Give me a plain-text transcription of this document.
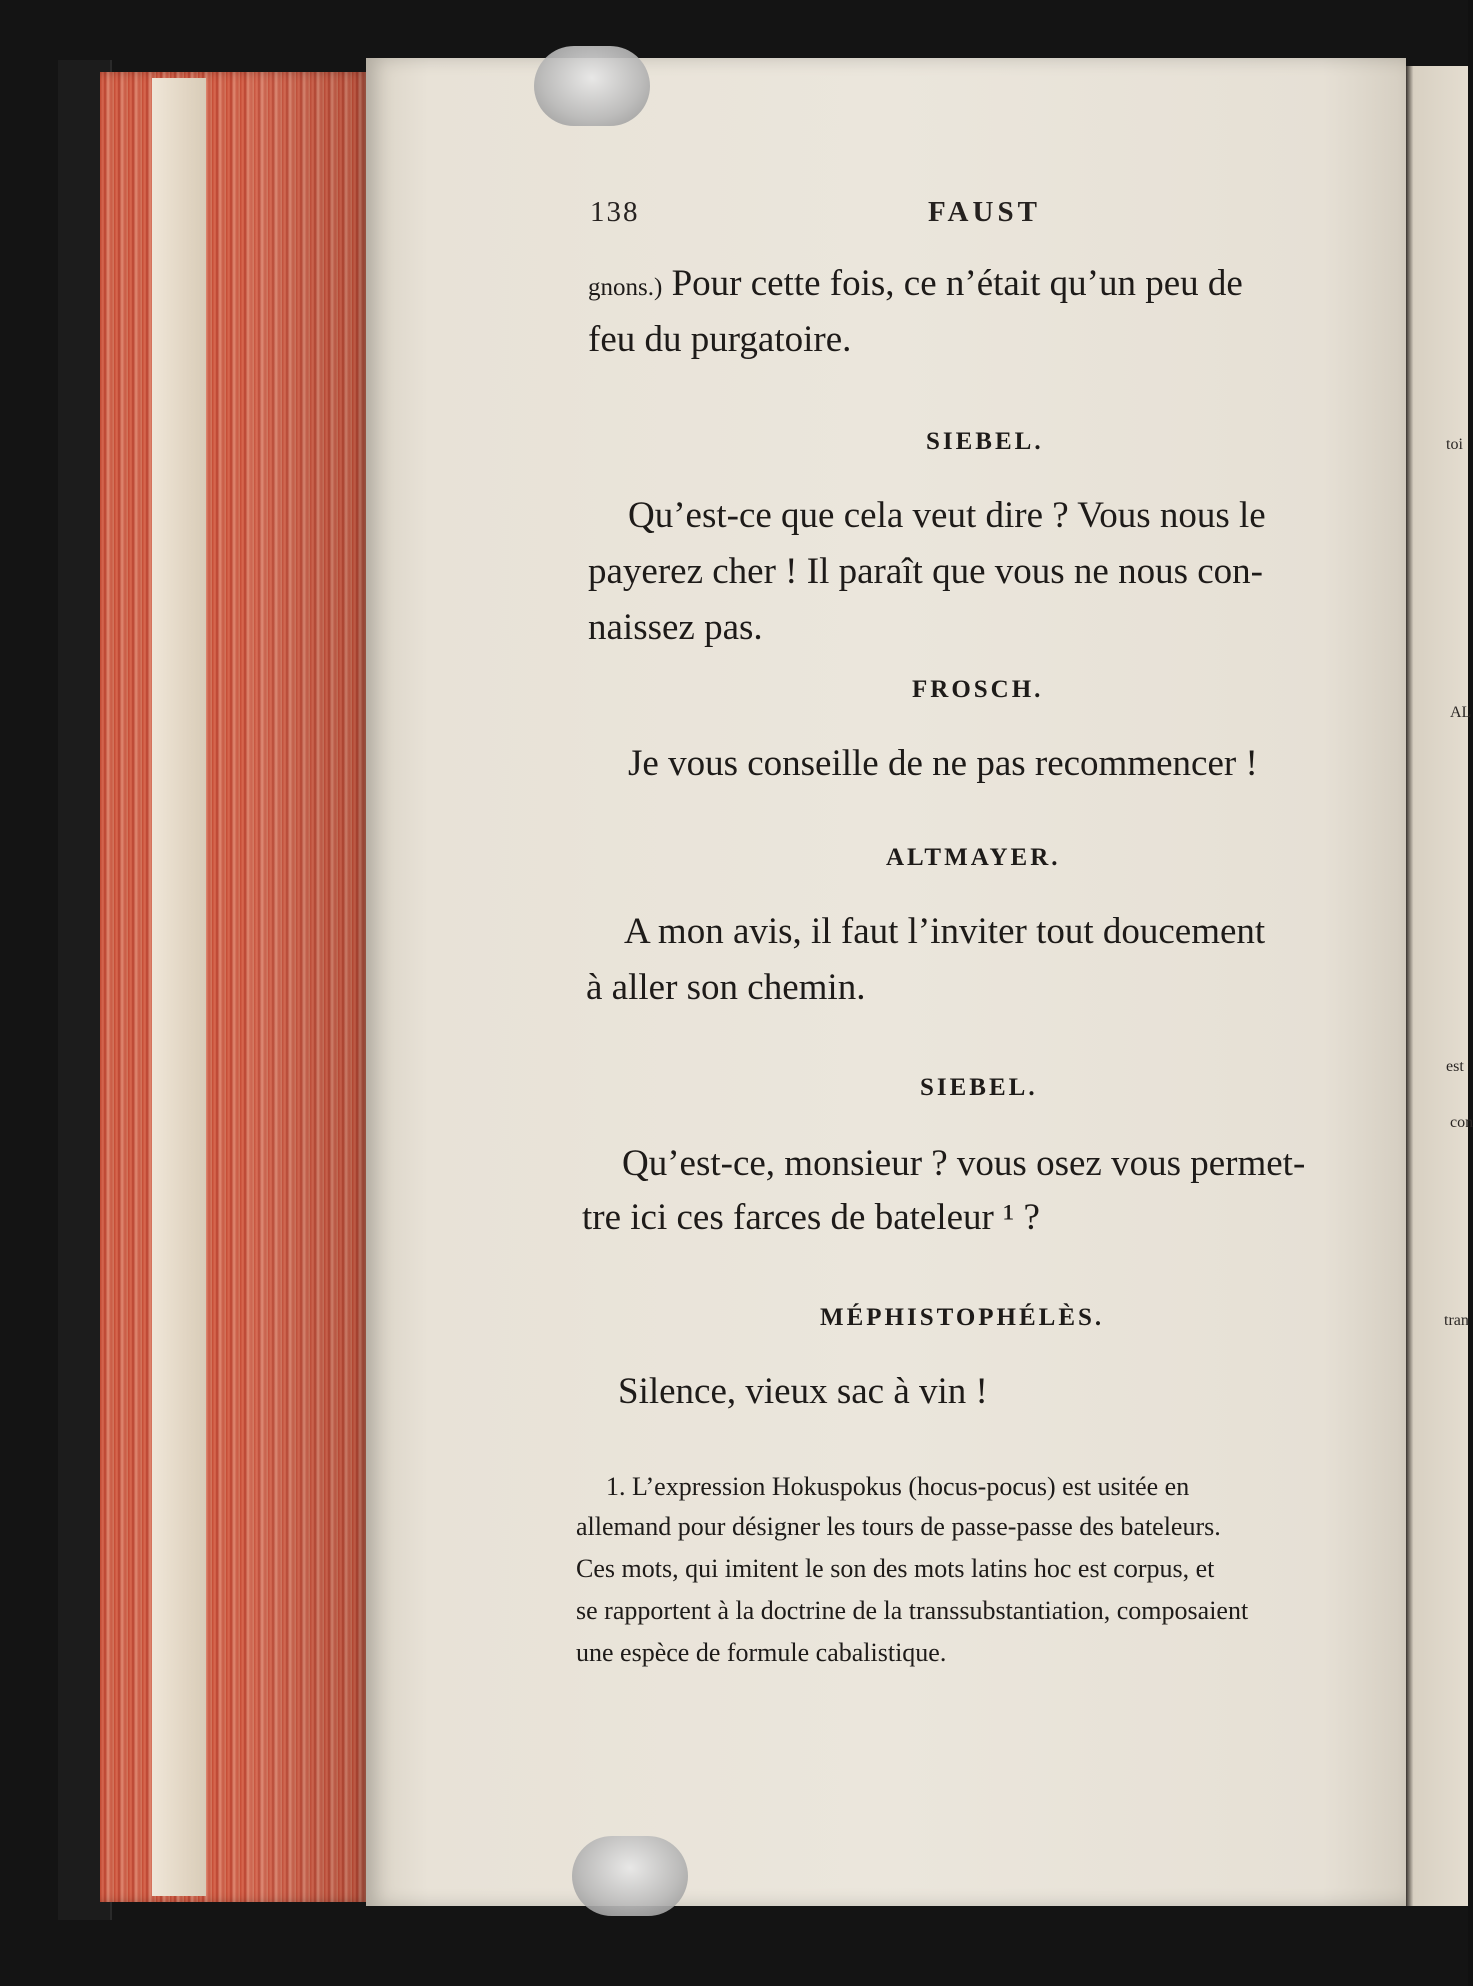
toi
AL
est
con
tran
138	FAUST
gnons.) Pour cette fois, ce n’était qu’un peu de
feu du purgatoire.
SIEBEL.
Qu’est-ce que cela veut dire ? Vous nous le
payerez cher ! Il paraît que vous ne nous con-
naissez pas.
FROSCH.
Je vous conseille de ne pas recommencer !
ALTMAYER.
A mon avis, il faut l’inviter tout doucement
à aller son chemin.
SIEBEL.
Qu’est-ce, monsieur ? vous osez vous permet-
tre ici ces farces de bateleur ¹ ?
MÉPHISTOPHÉLÈS.
Silence, vieux sac à vin !
1. L’expression Hokuspokus (hocus-pocus) est usitée en
allemand pour désigner les tours de passe-passe des bateleurs.
Ces mots, qui imitent le son des mots latins hoc est corpus, et
se rapportent à la doctrine de la transsubstantiation, composaient
une espèce de formule cabalistique.
